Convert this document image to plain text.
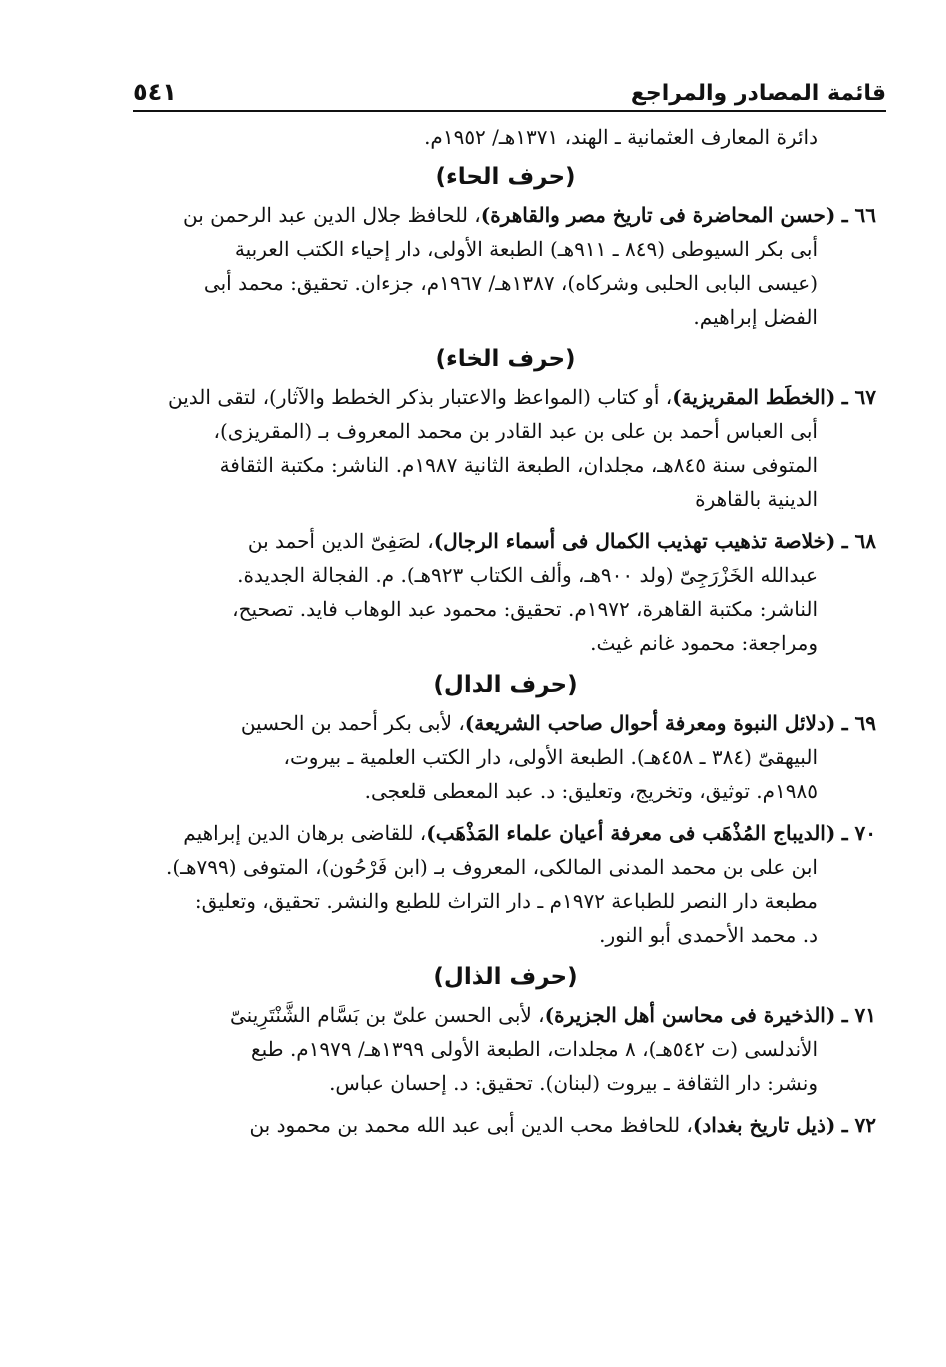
٥٤١	قائمة المصادر والمراجع

دائرة المعارف العثمانية ـ الهند، ١٣٧١هـ/ ١٩٥٢م.

(حرف الحاء)

٦٦ ـ (حسن المحاضرة فى تاريخ مصر والقاهرة)، للحافظ جلال الدين عبد الرحمن بن

أبى بكر السيوطى (٨٤٩ ـ ٩١١هـ) الطبعة الأولى، دار إحياء الكتب العربية

(عيسى البابى الحلبى وشركاه)، ١٣٨٧هـ/ ١٩٦٧م، جزءان. تحقيق: محمد أبى

الفضل إبراهيم.

(حرف الخاء)

٦٧ ـ (الخطَط المقريزية)، أو كتاب (المواعظ والاعتبار بذكر الخطط والآثار)، لتقى الدين

أبى العباس أحمد بن على بن عبد القادر بن محمد المعروف بـ (المقريزى)،

المتوفى سنة ٨٤٥هـ، مجلدان، الطبعة الثانية ١٩٨٧م. الناشر: مكتبة الثقافة

الدينية بالقاهرة

٦٨ ـ (خلاصة تذهيب تهذيب الكمال فى أسماء الرجال)، لصَفِىّ الدين أحمد بن

عبدالله الخَزْرَجِىّ (ولد ٩٠٠هـ، وألف الكتاب ٩٢٣هـ). م. الفجالة الجديدة.

الناشر: مكتبة القاهرة، ١٩٧٢م. تحقيق: محمود عبد الوهاب فايد. تصحيح،

ومراجعة: محمود غانم غيث.

(حرف الدال)

٦٩ ـ (دلائل النبوة ومعرفة أحوال صاحب الشريعة)، لأبى بكر أحمد بن الحسين

البيهقىّ (٣٨٤ ـ ٤٥٨هـ). الطبعة الأولى، دار الكتب العلمية ـ بيروت،

١٩٨٥م. توثيق، وتخريج، وتعليق: د. عبد المعطى قلعجى.

٧٠ ـ (الديباج المُذْهَب فى معرفة أعيان علماء المَذْهَب)، للقاضى برهان الدين إبراهيم

ابن على بن محمد المدنى المالكى، المعروف بـ (ابن فَرْحُون)، المتوفى (٧٩٩هـ).

مطبعة دار النصر للطباعة ١٩٧٢م ـ دار التراث للطبع والنشر. تحقيق، وتعليق:

د. محمد الأحمدى أبو النور.

(حرف الذال)

٧١ ـ (الذخيرة فى محاسن أهل الجزيرة)، لأبى الحسن علىّ بن بَسَّام الشَّنْتَرِينىّ

الأندلسى (ت ٥٤٢هـ)، ٨ مجلدات، الطبعة الأولى ١٣٩٩هـ/ ١٩٧٩م. طبع

ونشر: دار الثقافة ـ بيروت (لبنان). تحقيق: د. إحسان عباس.

٧٢ ـ (ذيل تاريخ بغداد)، للحافظ محب الدين أبى عبد الله محمد بن محمود بن
